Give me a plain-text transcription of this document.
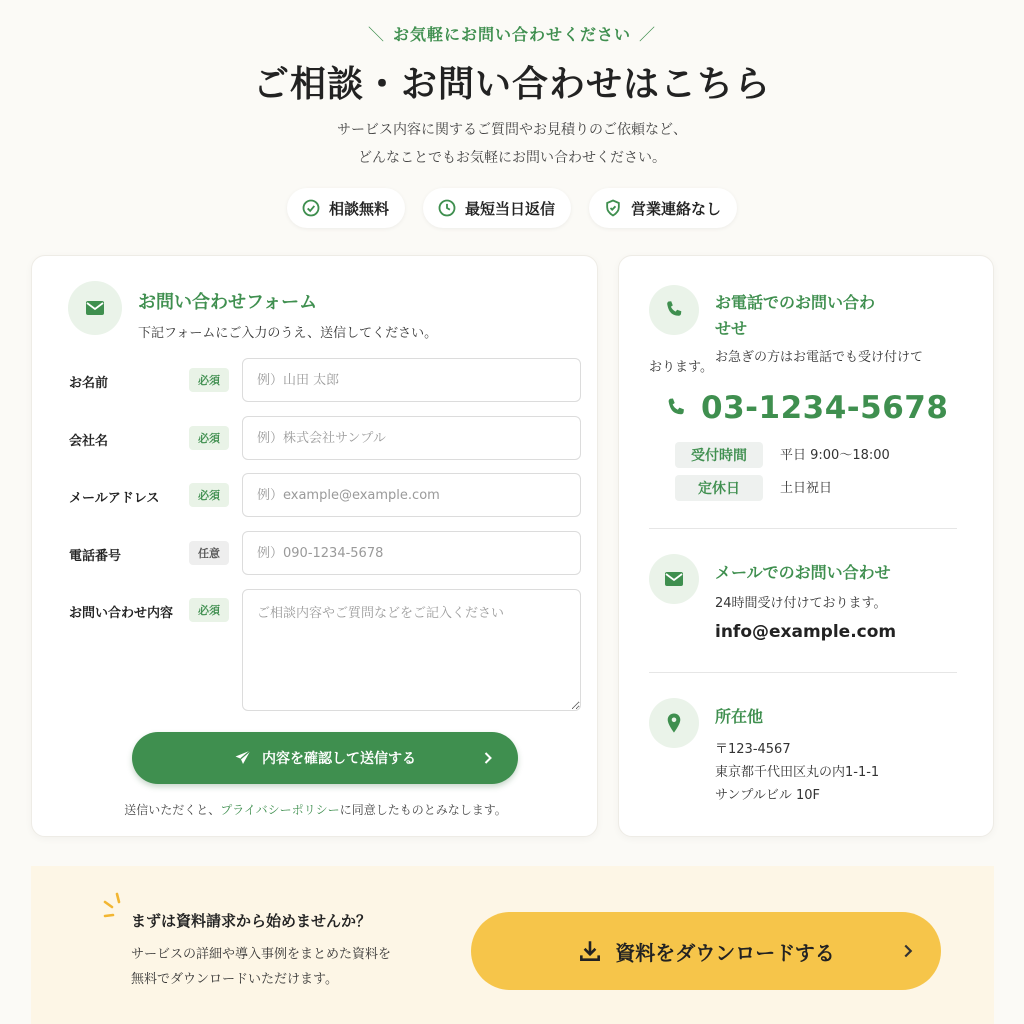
＼ お気軽にお問い合わせください ／
ご相談・お問い合わせはこちら
サービス内容に関するご質問やお見積りのご依頼など、
どんなことでもお気軽にお問い合わせください。
相談無料	最短当日返信	営業連絡なし
お問い合わせフォーム
下記フォームにご入力のうえ、送信してください。
お名前	必須
例）山田 太郎
会社名	必須
例）株式会社サンプル
メールアドレス	必須
例）example@example.com
電話番号	任意
例）090-1234-5678
お問い合わせ内容	必須
ご相談内容やご質問などをご記入ください
内容を確認して送信する
送信いただくと、プライバシーポリシーに同意したものとみなします。
お電話でのお問い合わ
せせ
お急ぎの方はお電話でも受け付けて
おります。
03-1234-5678
受付時間	平日 9:00〜18:00
定休日	土日祝日
メールでのお問い合わせ
24時間受け付けております。
info@example.com
所在他
〒123-4567
東京都千代田区丸の内1-1-1
サンプルビル 10F
まずは資料請求から始めませんか？
サービスの詳細や導入事例をまとめた資料を
無料でダウンロードいただけます。
資料をダウンロードする
